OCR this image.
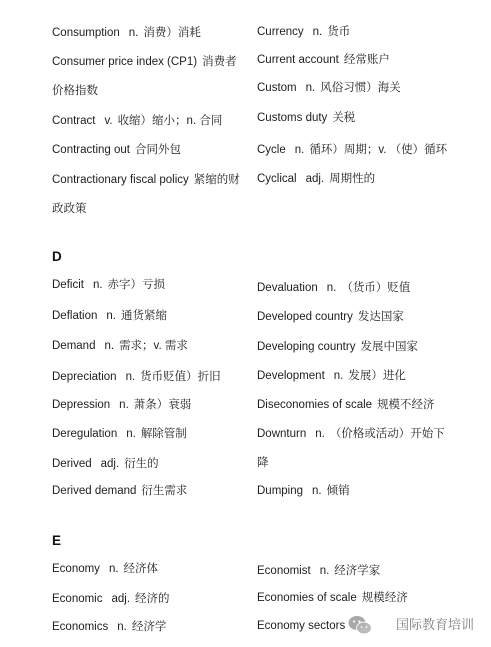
Consumption n. 消费）消耗
Consumer price index (CP1) 消费者
价格指数
Contract v. 收缩）缩小；n. 合同
Contracting out 合同外包
Contractionary fiscal policy 紧缩的财
政政策
Currency n. 货币
Current account 经常账户
Custom n. 风俗习惯）海关
Customs duty 关税
Cycle n. 循环）周期；v. （使）循环
Cyclical adj. 周期性的
D
Deficit n. 赤字）亏损
Deflation n. 通货紧缩
Demand n. 需求；v. 需求
Depreciation n. 货币贬值）折旧
Depression n. 萧条）衰弱
Deregulation n. 解除管制
Derived adj. 衍生的
Derived demand 衍生需求
Devaluation n. （货币）贬值
Developed country 发达国家
Developing country 发展中国家
Development n. 发展）进化
Diseconomies of scale 规模不经济
Downturn n. （价格或活动）开始下
降
Dumping n. 倾销
E
Economy n. 经济体
Economic adj. 经济的
Economics n. 经济学
Economist n. 经济学家
Economies of scale 规模经济
Economy sectors	国际教育培训
